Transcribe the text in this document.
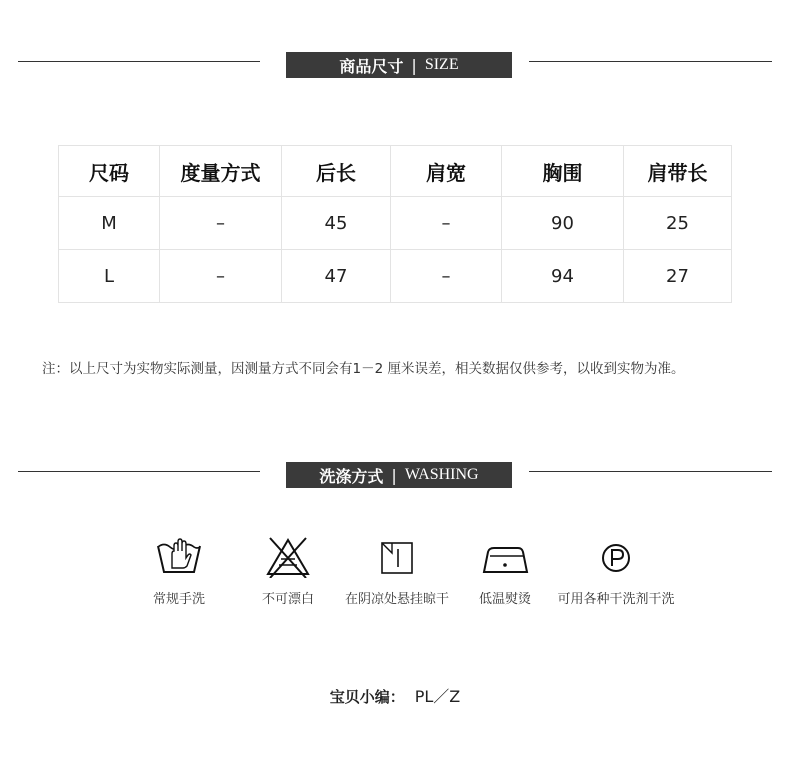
商品尺寸 | SIZE
尺码	度量方式	后长	肩宽	胸围	肩带长
M	–	45	–	90	25
L	–	47	–	94	27
注：以上尺寸为实物实际测量，因测量方式不同会有1－2 厘米误差，相关数据仅供参考，以收到实物为准。
洗涤方式 | WASHING
常规手洗	不可漂白	在阴凉处悬挂晾干	低温熨烫	可用各种干洗剂干洗
宝贝小编： PL／Z
